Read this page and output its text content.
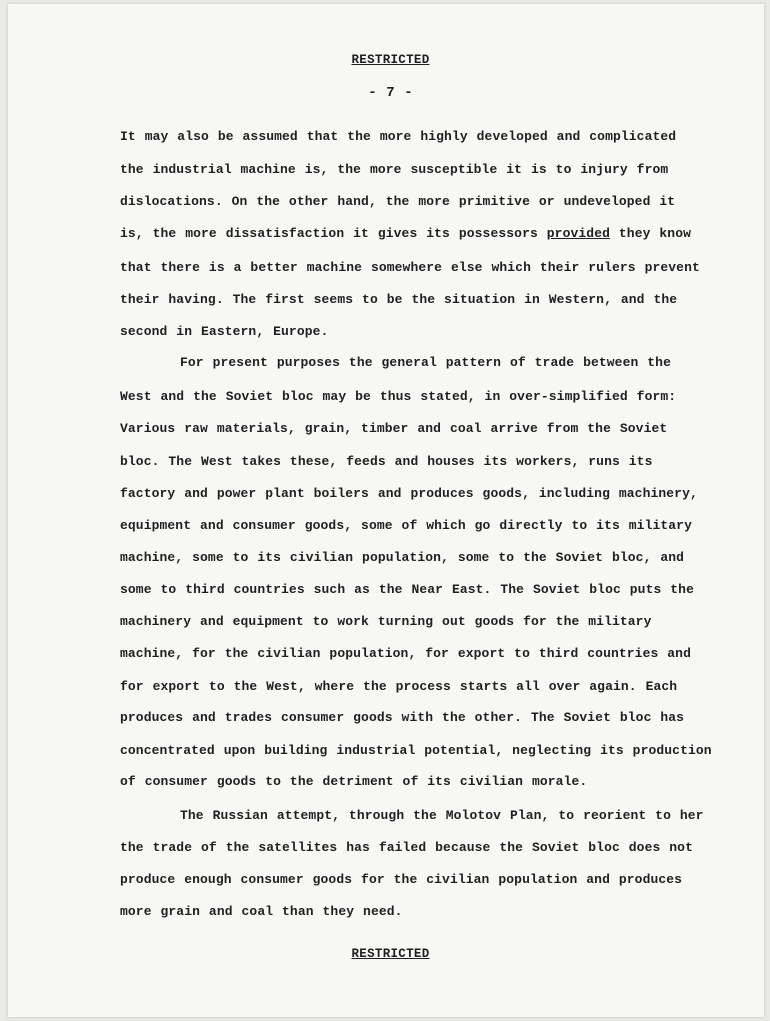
RESTRICTED
- 7 -
It may also be assumed that the more highly developed and complicated
the industrial machine is, the more susceptible it is to injury from
dislocations. On the other hand, the more primitive or undeveloped it
is, the more dissatisfaction it gives its possessors provided they know
that there is a better machine somewhere else which their rulers prevent
their having. The first seems to be the situation in Western, and the
second in Eastern, Europe.
For present purposes the general pattern of trade between the
West and the Soviet bloc may be thus stated, in over-simplified form:
Various raw materials, grain, timber and coal arrive from the Soviet
bloc. The West takes these, feeds and houses its workers, runs its
factory and power plant boilers and produces goods, including machinery,
equipment and consumer goods, some of which go directly to its military
machine, some to its civilian population, some to the Soviet bloc, and
some to third countries such as the Near East. The Soviet bloc puts the
machinery and equipment to work turning out goods for the military
machine, for the civilian population, for export to third countries and
for export to the West, where the process starts all over again. Each
produces and trades consumer goods with the other. The Soviet bloc has
concentrated upon building industrial potential, neglecting its production
of consumer goods to the detriment of its civilian morale.
The Russian attempt, through the Molotov Plan, to reorient to her
the trade of the satellites has failed because the Soviet bloc does not
produce enough consumer goods for the civilian population and produces
more grain and coal than they need.
RESTRICTED
